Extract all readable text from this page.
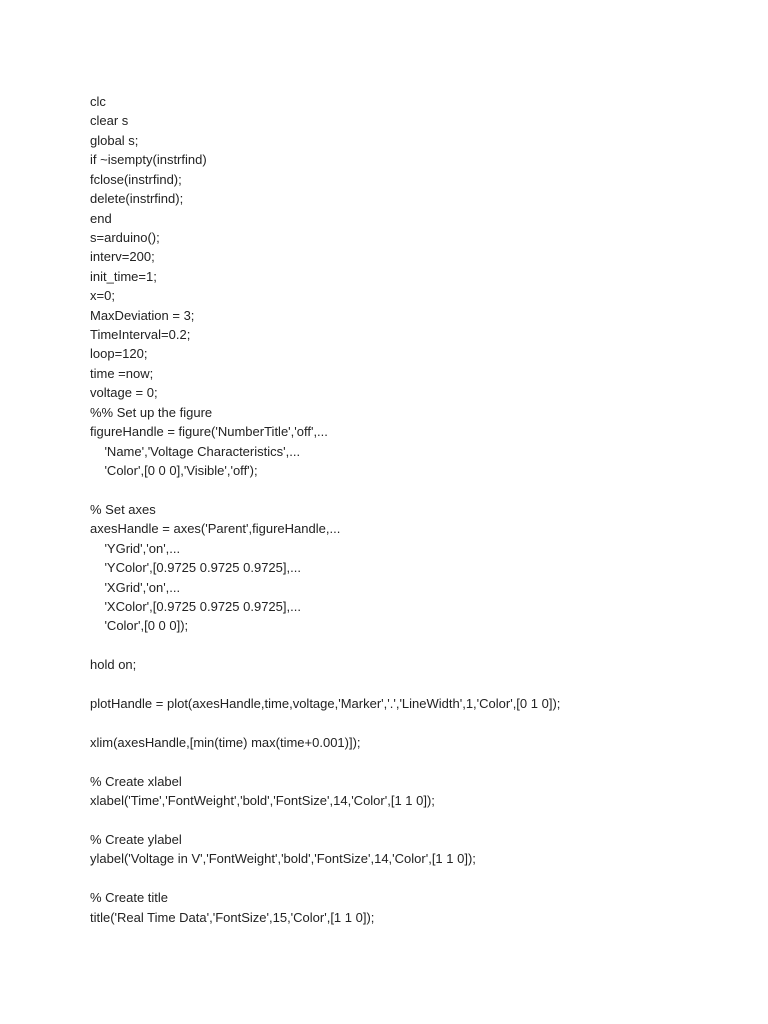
clc
clear s
global s;
if ~isempty(instrfind)
fclose(instrfind);
delete(instrfind);
end
s=arduino();
interv=200;
init_time=1;
x=0;
MaxDeviation = 3;
TimeInterval=0.2;
loop=120;
time =now;
voltage = 0;
%% Set up the figure
figureHandle = figure('NumberTitle','off',...
'Name','Voltage Characteristics',...
'Color',[0 0 0],'Visible','off');
% Set axes
axesHandle = axes('Parent',figureHandle,...
'YGrid','on',...
'YColor',[0.9725 0.9725 0.9725],...
'XGrid','on',...
'XColor',[0.9725 0.9725 0.9725],...
'Color',[0 0 0]);
hold on;
plotHandle = plot(axesHandle,time,voltage,'Marker','.','LineWidth',1,'Color',[0 1 0]);
xlim(axesHandle,[min(time) max(time+0.001)]);
% Create xlabel
xlabel('Time','FontWeight','bold','FontSize',14,'Color',[1 1 0]);
% Create ylabel
ylabel('Voltage in V','FontWeight','bold','FontSize',14,'Color',[1 1 0]);
% Create title
title('Real Time Data','FontSize',15,'Color',[1 1 0]);
